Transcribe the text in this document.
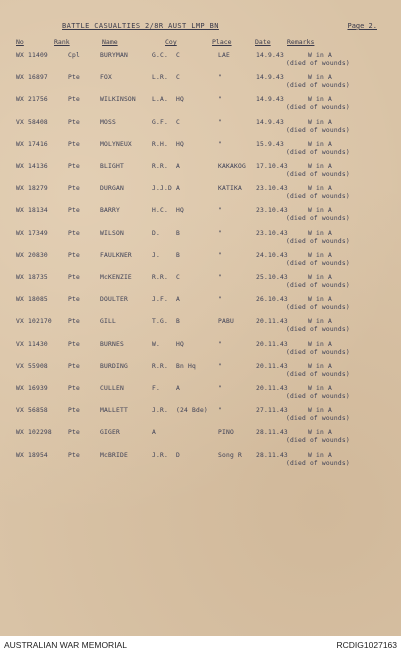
BATTLE CASUALTIES 2/8R AUST LMP BN	Page 2.
No	Rank	Name	Coy	Place	Date	Remarks
WX 11409	Cpl	BURYMAN	G.C. C	LAE	14.9.43	W in A
(died of wounds)
WX 16897	Pte	FOX	L.R. C	"	14.9.43	W in A
(died of wounds)
WX 21756	Pte	WILKINSON	L.A. HQ	"	14.9.43	W in A
(died of wounds)
VX 58408	Pte	MOSS	G.F. C	"	14.9.43	W in A
(died of wounds)
WX 17416	Pte	MOLYNEUX	R.H. HQ	"	15.9.43	W in A
(died of wounds)
WX 14136	Pte	BLIGHT	R.R. A	KAKAKOG 17.10.43	W in A
(died of wounds)
WX 18279	Pte	DURGAN	J.J.D A	KATIKA 23.10.43	W in A
(died of wounds)
WX 18134	Pte	BARRY	H.C. HQ	"	23.10.43	W in A
(died of wounds)
WX 17349	Pte	WILSON	D.	B	"	23.10.43	W in A
(died of wounds)
WX 20830	Pte	FAULKNER	J.	B	"	24.10.43	W in A
(died of wounds)
WX 18735	Pte	McKENZIE	R.R. C	"	25.10.43	W in A
(died of wounds)
WX 18085	Pte	DOULTER	J.F. A	"	26.10.43	W in A
(died of wounds)
VX 102170	Pte	GILL	T.G. B	PABU	20.11.43	W in A
(died of wounds)
VX 11430	Pte	BURNES	W.	HQ	"	20.11.43	W in A
(died of wounds)
VX 55908	Pte	BURDING	R.R. Bn Hq	"	20.11.43	W in A
(died of wounds)
WX 16939	Pte	CULLEN	F.	A	"	20.11.43	W in A
(died of wounds)
VX 56858	Pte	MALLETT	J.R. (24 Bde) "	27.11.43	W in A
(died of wounds)
WX 102298	Pte	GIGER	A	PINO	28.11.43	W in A
(died of wounds)
WX 18954	Pte	McBRIDE	J.R. D	Song R 28.11.43	W in A
(died of wounds)
AUSTRALIAN WAR MEMORIAL	RCDIG1027163
